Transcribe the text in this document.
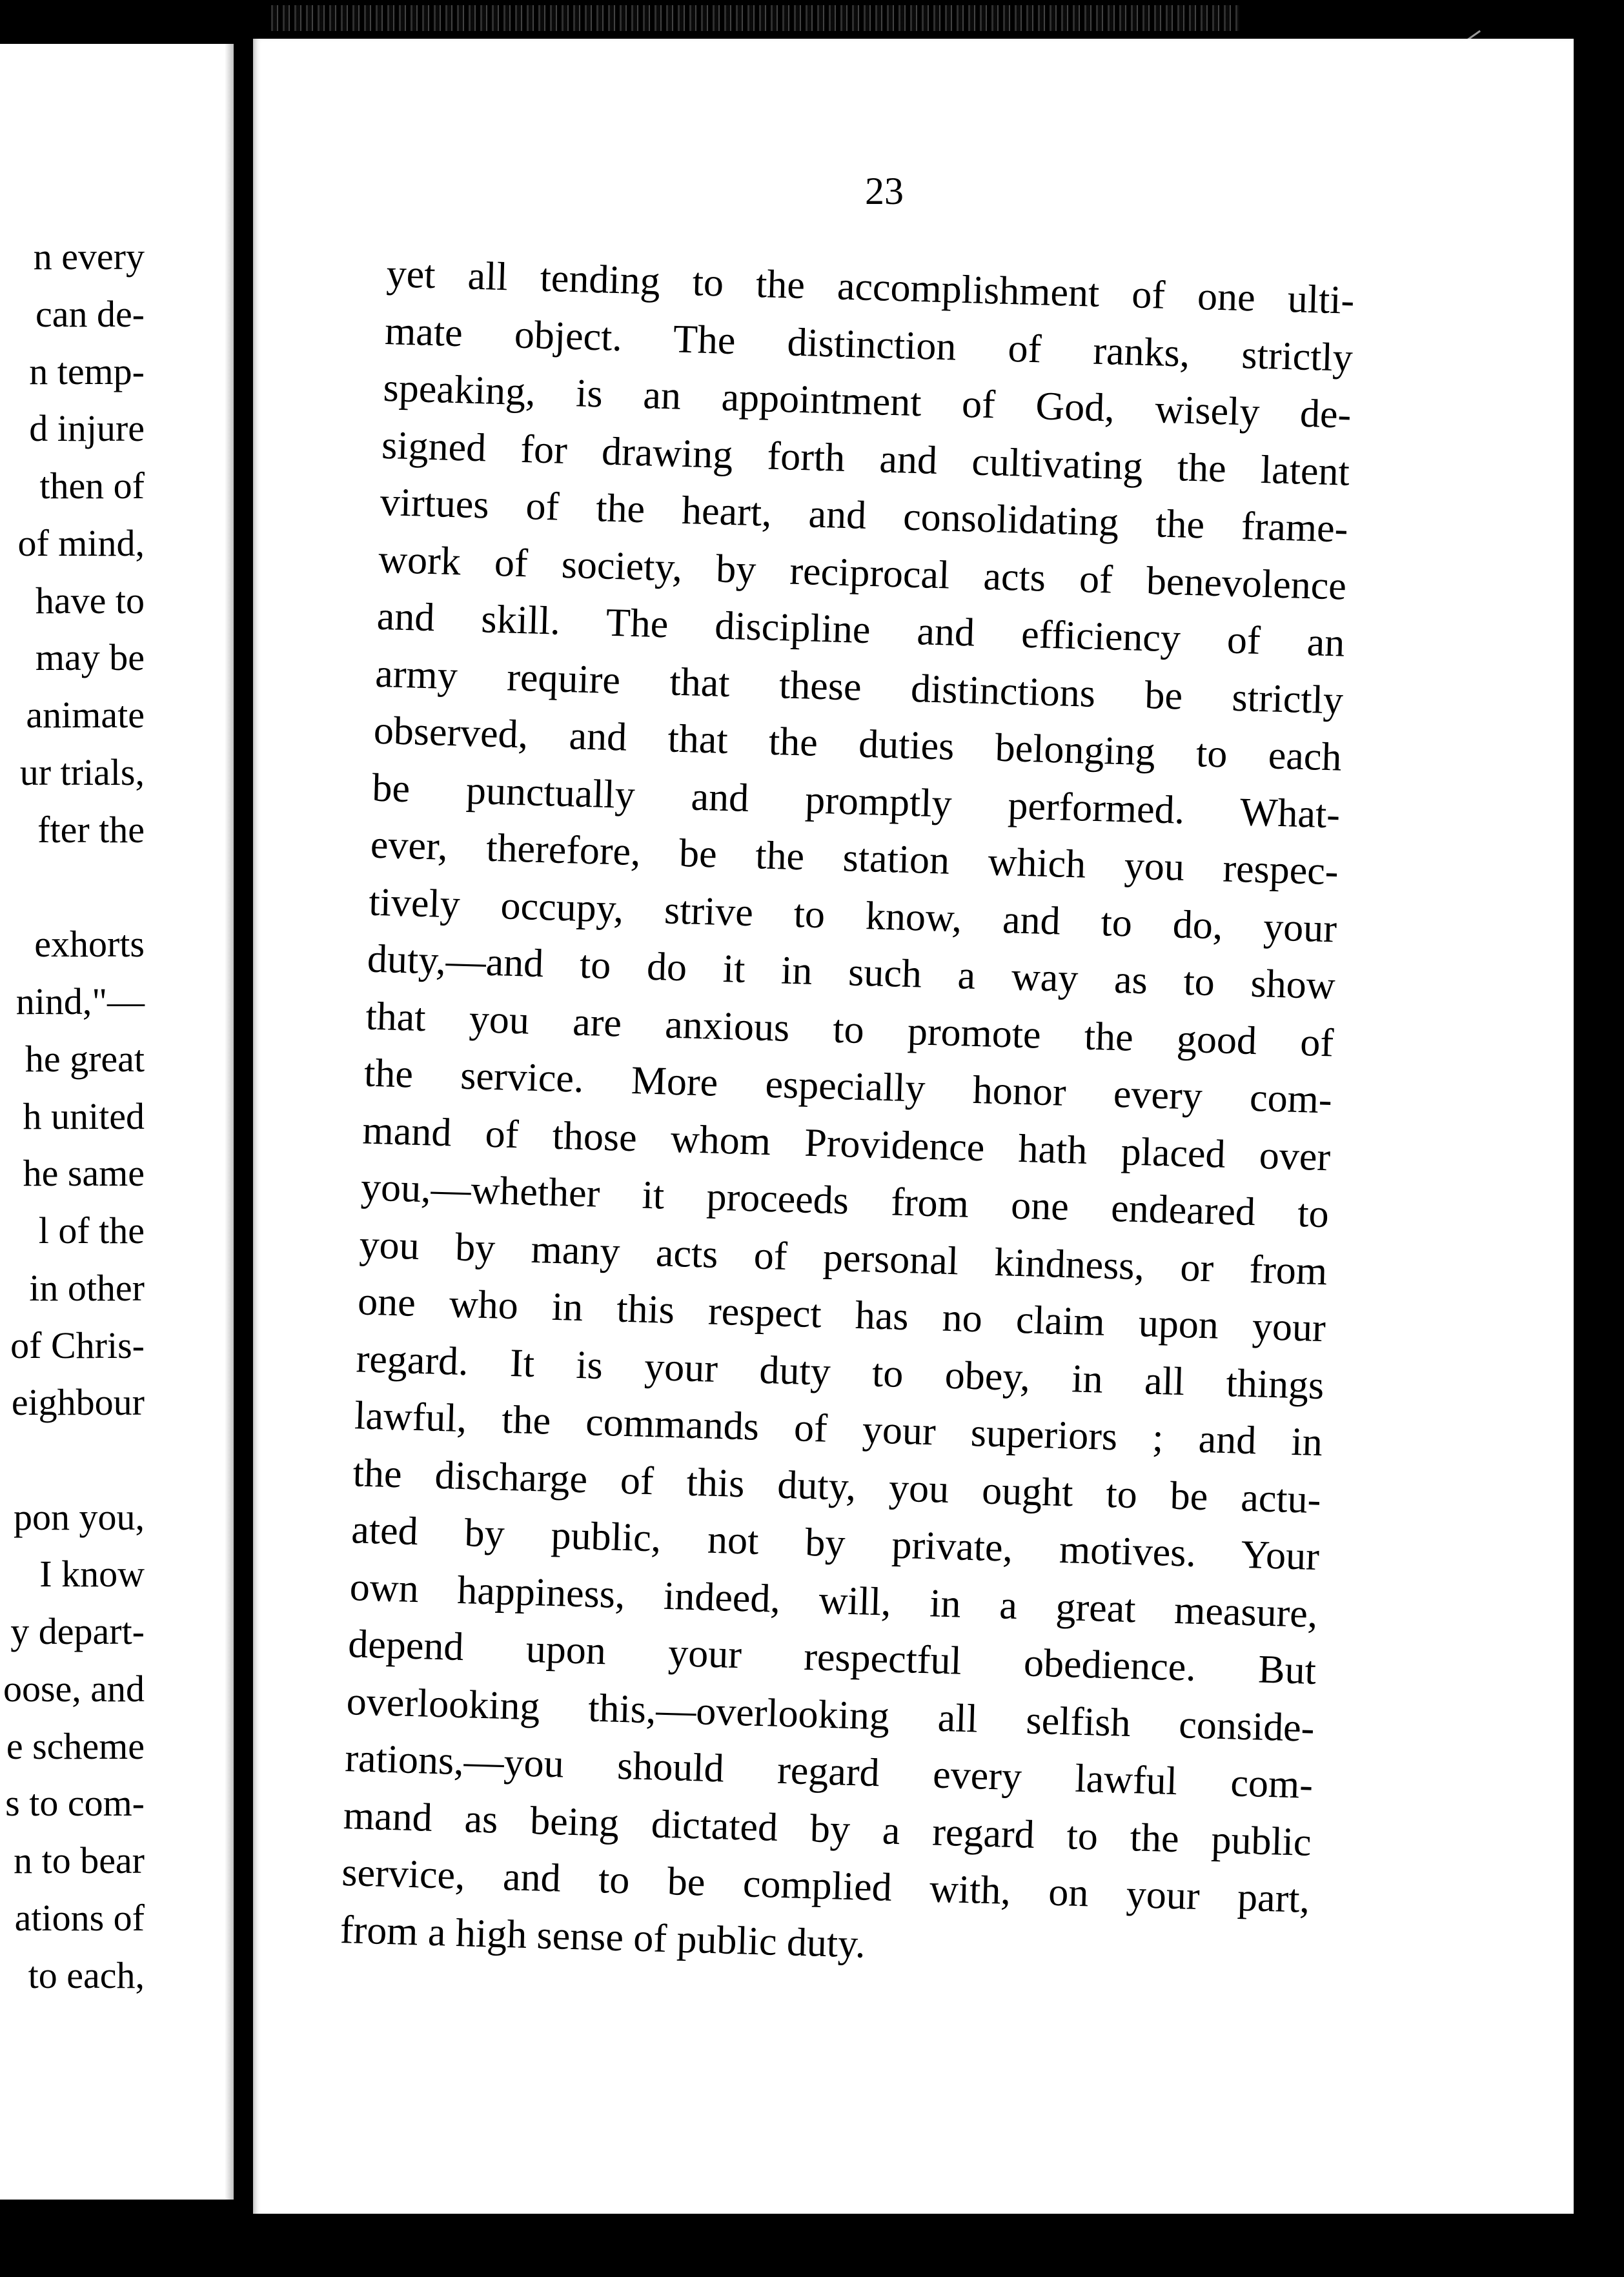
n every
can de-
n temp-
d injure
then of
of mind,
have to
may be
animate
ur trials,
fter the
exhorts
nind,"—
he great
h united
he same
l of the
in other
of Chris-
eighbour
pon you,
I know
y depart-
oose, and
e scheme
s to com-
n to bear
ations of
to each,
23
yet all tending to the accomplishment of one ulti-
mate object. The distinction of ranks, strictly
speaking, is an appointment of God, wisely de-
signed for drawing forth and cultivating the latent
virtues of the heart, and consolidating the frame-
work of society, by reciprocal acts of benevolence
and skill. The discipline and efficiency of an
army require that these distinctions be strictly
observed, and that the duties belonging to each
be punctually and promptly performed. What-
ever, therefore, be the station which you respec-
tively occupy, strive to know, and to do, your
duty,—and to do it in such a way as to show
that you are anxious to promote the good of
the service. More especially honor every com-
mand of those whom Providence hath placed over
you,—whether it proceeds from one endeared to
you by many acts of personal kindness, or from
one who in this respect has no claim upon your
regard. It is your duty to obey, in all things
lawful, the commands of your superiors ; and in
the discharge of this duty, you ought to be actu-
ated by public, not by private, motives. Your
own happiness, indeed, will, in a great measure,
depend upon your respectful obedience. But
overlooking this,—overlooking all selfish conside-
rations,—you should regard every lawful com-
mand as being dictated by a regard to the public
service, and to be complied with, on your part,
from a high sense of public duty.
